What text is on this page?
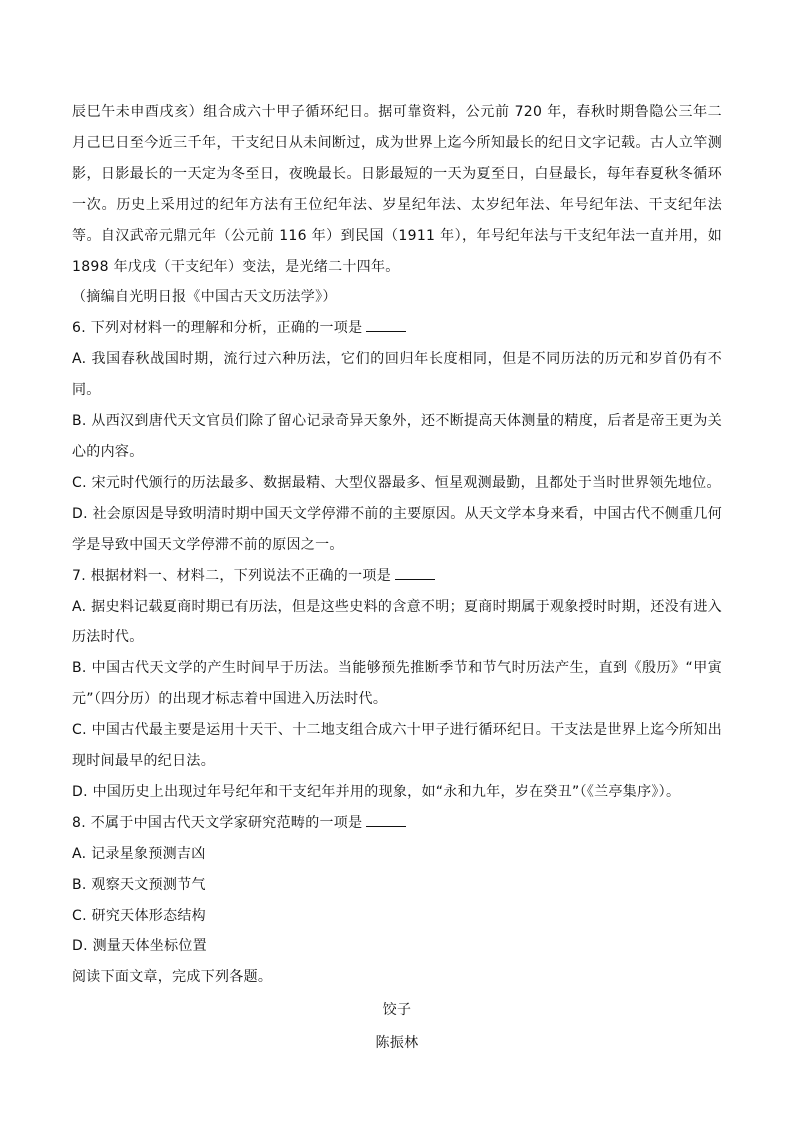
辰巳午未申酉戌亥）组合成六十甲子循环纪日。据可靠资料，公元前 720 年，春秋时期鲁隐公三年二月己巳日至今近三千年，干支纪日从未间断过，成为世界上迄今所知最长的纪日文字记载。古人立竿测影，日影最长的一天定为冬至日，夜晚最长。日影最短的一天为夏至日，白昼最长，每年春夏秋冬循环一次。历史上采用过的纪年方法有王位纪年法、岁星纪年法、太岁纪年法、年号纪年法、干支纪年法等。自汉武帝元鼎元年（公元前 116 年）到民国（1911 年），年号纪年法与干支纪年法一直并用，如 1898 年戊戌（干支纪年）变法，是光绪二十四年。

（摘编自光明日报《中国古天文历法学》）

6. 下列对材料一的理解和分析，正确的一项是

A. 我国春秋战国时期，流行过六种历法，它们的回归年长度相同，但是不同历法的历元和岁首仍有不同。

B. 从西汉到唐代天文官员们除了留心记录奇异天象外，还不断提高天体测量的精度，后者是帝王更为关心的内容。

C. 宋元时代颁行的历法最多、数据最精、大型仪器最多、恒星观测最勤，且都处于当时世界领先地位。

D. 社会原因是导致明清时期中国天文学停滞不前的主要原因。从天文学本身来看，中国古代不侧重几何学是导致中国天文学停滞不前的原因之一。

7. 根据材料一、材料二，下列说法不正确的一项是

A. 据史料记载夏商时期已有历法，但是这些史料的含意不明；夏商时期属于观象授时时期，还没有进入历法时代。

B. 中国古代天文学的产生时间早于历法。当能够预先推断季节和节气时历法产生，直到《殷历》“甲寅元”（四分历）的出现才标志着中国进入历法时代。

C. 中国古代最主要是运用十天干、十二地支组合成六十甲子进行循环纪日。干支法是世界上迄今所知出现时间最早的纪日法。

D. 中国历史上出现过年号纪年和干支纪年并用的现象，如“永和九年，岁在癸丑”（《兰亭集序》）。

8. 不属于中国古代天文学家研究范畴的一项是

A. 记录星象预测吉凶

B. 观察天文预测节气

C. 研究天体形态结构

D. 测量天体坐标位置

阅读下面文章，完成下列各题。

饺子

陈振林
